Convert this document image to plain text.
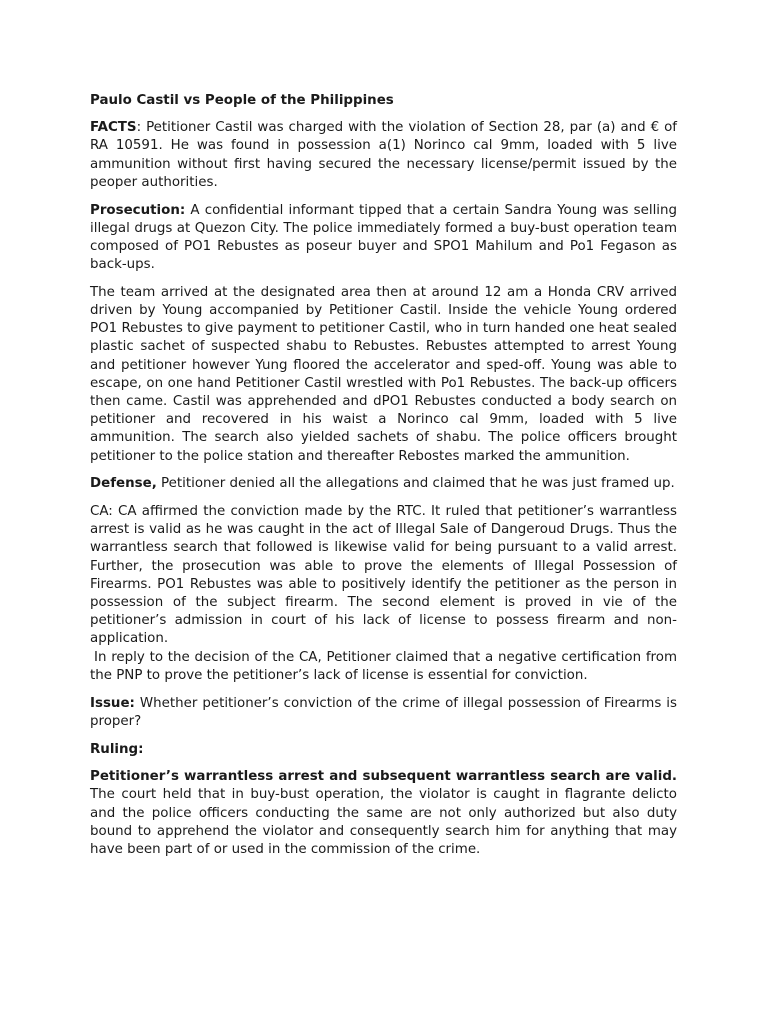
Paulo Castil vs People of the Philippines

FACTS: Petitioner Castil was charged with the violation of Section 28, par (a) and € of RA 10591. He was found in possession a(1) Norinco cal 9mm, loaded with 5 live ammunition without first having secured the necessary license/permit issued by the peoper authorities.

Prosecution: A confidential informant tipped that a certain Sandra Young was selling illegal drugs at Quezon City. The police immediately formed a buy-bust operation team composed of PO1 Rebustes as poseur buyer and SPO1 Mahilum and Po1 Fegason as back-ups.

The team arrived at the designated area then at around 12 am a Honda CRV arrived driven by Young accompanied by Petitioner Castil. Inside the vehicle Young ordered PO1 Rebustes to give payment to petitioner Castil, who in turn handed one heat sealed plastic sachet of suspected shabu to Rebustes. Rebustes attempted to arrest Young and petitioner however Yung floored the accelerator and sped-off. Young was able to escape, on one hand Petitioner Castil wrestled with Po1 Rebustes. The back-up officers then came. Castil was apprehended and dPO1 Rebustes conducted a body search on petitioner and recovered in his waist a Norinco cal 9mm, loaded with 5 live ammunition. The search also yielded sachets of shabu. The police officers brought petitioner to the police station and thereafter Rebostes marked the ammunition.

Defense, Petitioner denied all the allegations and claimed that he was just framed up.

CA: CA affirmed the conviction made by the RTC. It ruled that petitioner’s warrantless arrest is valid as he was caught in the act of Illegal Sale of Dangeroud Drugs. Thus the warrantless search that followed is likewise valid for being pursuant to a valid arrest. Further, the prosecution was able to prove the elements of Illegal Possession of Firearms. PO1 Rebustes was able to positively identify the petitioner as the person in possession of the subject firearm. The second element is proved in vie of the petitioner’s admission in court of his lack of license to possess firearm and non-application.
In reply to the decision of the CA, Petitioner claimed that a negative certification from the PNP to prove the petitioner’s lack of license is essential for conviction.

Issue: Whether petitioner’s conviction of the crime of illegal possession of Firearms is proper?

Ruling:

Petitioner’s warrantless arrest and subsequent warrantless search are valid. The court held that in buy-bust operation, the violator is caught in flagrante delicto and the police officers conducting the same are not only authorized but also duty bound to apprehend the violator and consequently search him for anything that may have been part of or used in the commission of the crime.
